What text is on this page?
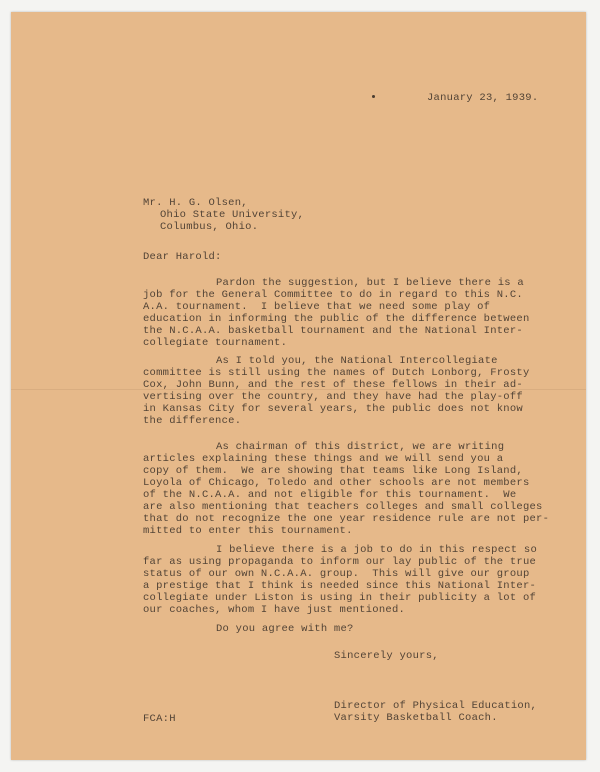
January 23, 1939.
Mr. H. G. Olsen,
Ohio State University,
Columbus, Ohio.
Dear Harold:
Pardon the suggestion, but I believe there is a
job for the General Committee to do in regard to this N.C.
A.A. tournament.  I believe that we need some play of
education in informing the public of the difference between
the N.C.A.A. basketball tournament and the National Inter-
collegiate tournament.
As I told you, the National Intercollegiate
committee is still using the names of Dutch Lonborg, Frosty
Cox, John Bunn, and the rest of these fellows in their ad-
vertising over the country, and they have had the play-off
in Kansas City for several years, the public does not know
the difference.
As chairman of this district, we are writing
articles explaining these things and we will send you a
copy of them.  We are showing that teams like Long Island,
Loyola of Chicago, Toledo and other schools are not members
of the N.C.A.A. and not eligible for this tournament.  We
are also mentioning that teachers colleges and small colleges
that do not recognize the one year residence rule are not per-
mitted to enter this tournament.
I believe there is a job to do in this respect so
far as using propaganda to inform our lay public of the true
status of our own N.C.A.A. group.  This will give our group
a prestige that I think is needed since this National Inter-
collegiate under Liston is using in their publicity a lot of
our coaches, whom I have just mentioned.
Do you agree with me?
Sincerely yours,
Director of Physical Education,
Varsity Basketball Coach.
FCA:H
